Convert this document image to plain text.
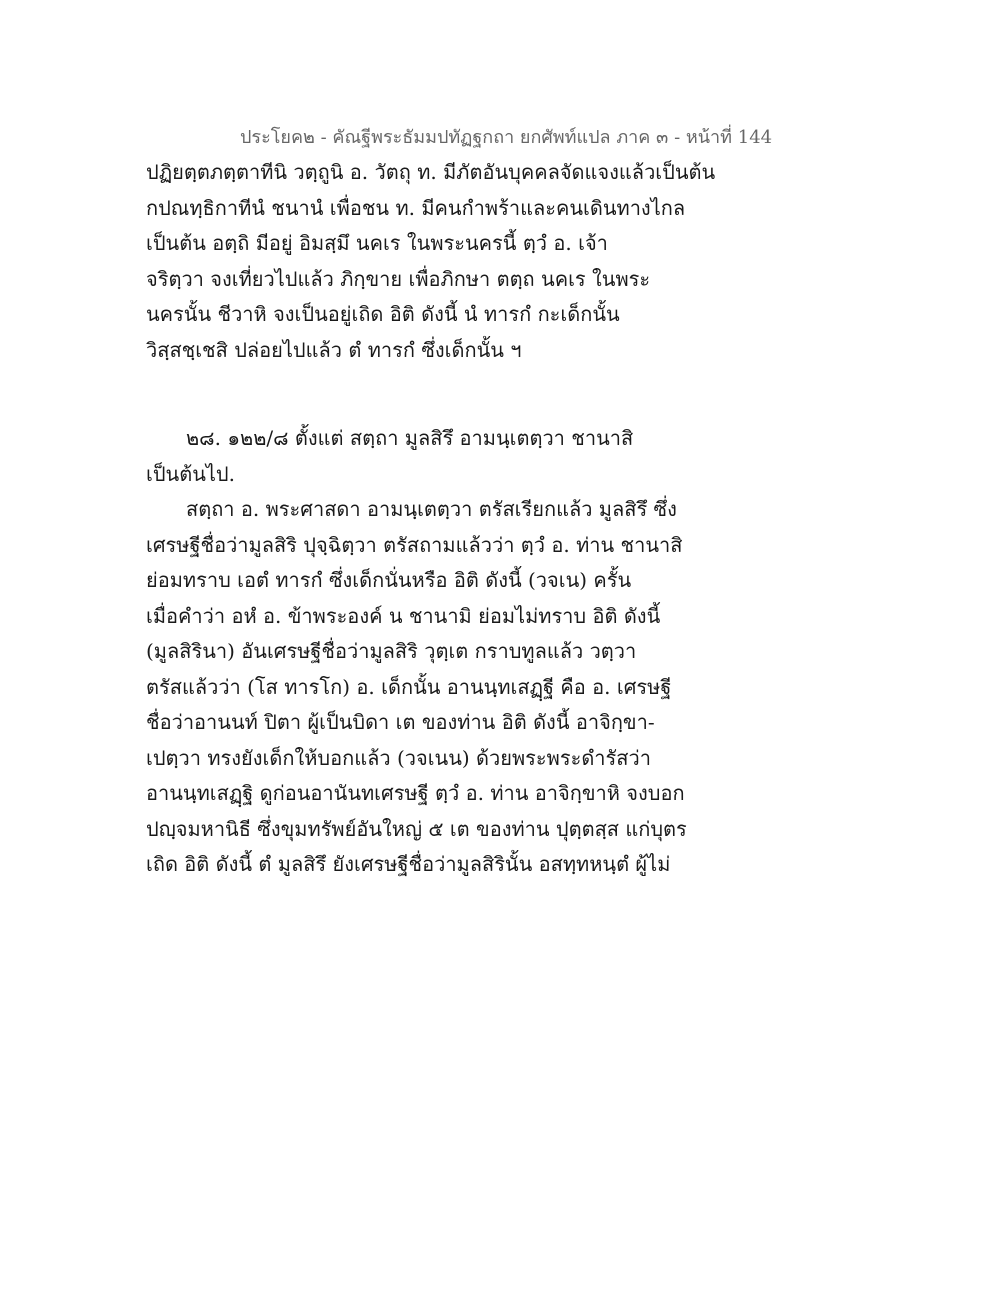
ประโยค๒ - คัณฐีพระธัมมปทัฏฐกถา ยกศัพท์แปล ภาค ๓ - หน้าที่ 144
ปฏิยตฺตภตฺตาทีนิ วตฺถูนิ อ. วัตถุ ท. มีภัตอันบุคคลจัดแจงแล้วเป็นต้น
กปณทฺธิกาทีนํ ชนานํ เพื่อชน ท. มีคนกำพร้าและคนเดินทางไกล
เป็นต้น อตฺถิ มีอยู่ อิมสฺมึ นคเร ในพระนครนี้ ตฺวํ อ. เจ้า
จริตฺวา จงเที่ยวไปแล้ว ภิกฺขาย เพื่อภิกษา ตตฺถ นคเร ในพระ
นครนั้น ชีวาหิ จงเป็นอยู่เถิด อิติ ดังนี้ นํ ทารกํ กะเด็กนั้น
วิสฺสชฺเชสิ ปล่อยไปแล้ว ตํ ทารกํ ซึ่งเด็กนั้น ฯ
๒๘. ๑๒๒/๘ ตั้งแต่ สตฺถา มูลสิรึ อามนฺเตตฺวา ชานาสิ
เป็นต้นไป.
สตฺถา อ. พระศาสดา อามนฺเตตฺวา ตรัสเรียกแล้ว มูลสิรึ ซึ่ง
เศรษฐีชื่อว่ามูลสิริ ปุจฺฉิตฺวา ตรัสถามแล้วว่า ตฺวํ อ. ท่าน ชานาสิ
ย่อมทราบ เอตํ ทารกํ ซึ่งเด็กนั่นหรือ อิติ ดังนี้ (วจเน) ครั้น
เมื่อคำว่า อหํ อ. ข้าพระองค์ น ชานามิ ย่อมไม่ทราบ อิติ ดังนี้
(มูลสิรินา) อันเศรษฐีชื่อว่ามูลสิริ วุตฺเต กราบทูลแล้ว วตฺวา
ตรัสแล้วว่า (โส ทารโก) อ. เด็กนั้น อานนฺทเสฏฺฐี คือ อ. เศรษฐี
ชื่อว่าอานนท์ ปิตา ผู้เป็นบิดา เต ของท่าน อิติ ดังนี้ อาจิกฺขา-
เปตฺวา ทรงยังเด็กให้บอกแล้ว (วจเนน) ด้วยพระพระดำรัสว่า
อานนฺทเสฏฺฐิ ดูก่อนอานันทเศรษฐี ตฺวํ อ. ท่าน อาจิกฺขาหิ จงบอก
ปญฺจมหานิธี ซึ่งขุมทรัพย์อันใหญ่ ๕ เต ของท่าน ปุตฺตสฺส แก่บุตร
เถิด อิติ ดังนี้ ตํ มูลสิรึ ยังเศรษฐีชื่อว่ามูลสิรินั้น อสทฺทหนฺตํ ผู้ไม่
